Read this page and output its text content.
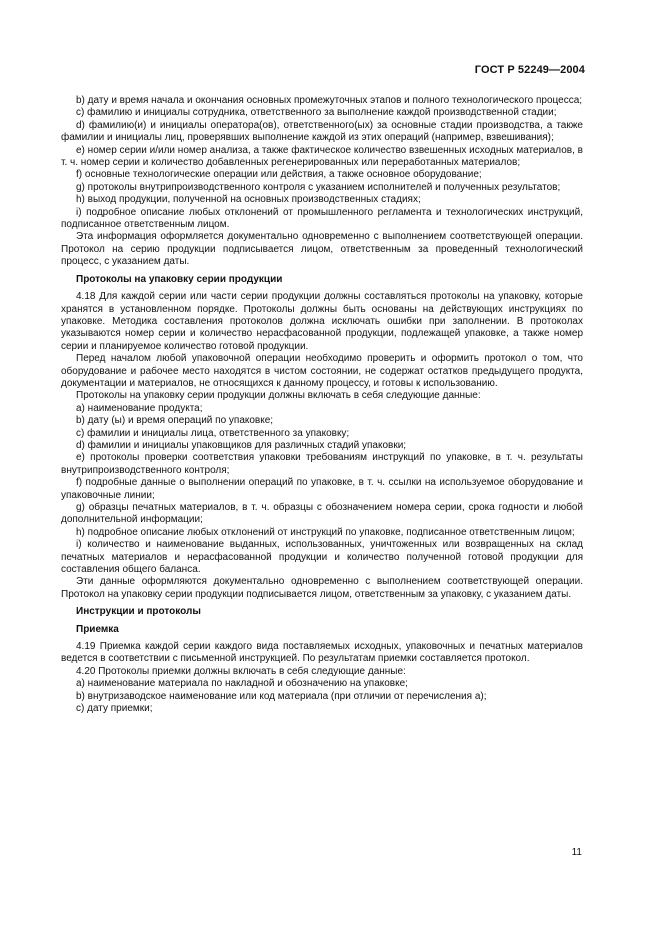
ГОСТ Р 52249—2004
b) дату и время начала и окончания основных промежуточных этапов и полного технологического процесса;
c) фамилию и инициалы сотрудника, ответственного за выполнение каждой производственной стадии;
d) фамилию(и) и инициалы оператора(ов), ответственного(ых) за основные стадии производства, а также фамилии и инициалы лиц, проверявших выполнение каждой из этих операций (например, взвешивания);
e) номер серии и/или номер анализа, а также фактическое количество взвешенных исходных материалов, в т. ч. номер серии и количество добавленных регенерированных или переработанных материалов;
f) основные технологические операции или действия, а также основное оборудование;
g) протоколы внутрипроизводственного контроля с указанием исполнителей и полученных результатов;
h) выход продукции, полученной на основных производственных стадиях;
i) подробное описание любых отклонений от промышленного регламента и технологических инструкций, подписанное ответственным лицом.
Эта информация оформляется документально одновременно с выполнением соответствующей операции. Протокол на серию продукции подписывается лицом, ответственным за проведенный технологический процесс, с указанием даты.
Протоколы на упаковку серии продукции
4.18 Для каждой серии или части серии продукции должны составляться протоколы на упаковку, которые хранятся в установленном порядке. Протоколы должны быть основаны на действующих инструкциях по упаковке. Методика составления протоколов должна исключать ошибки при заполнении. В протоколах указываются номер серии и количество нерасфасованной продукции, подлежащей упаковке, а также номер серии и планируемое количество готовой продукции.
Перед началом любой упаковочной операции необходимо проверить и оформить протокол о том, что оборудование и рабочее место находятся в чистом состоянии, не содержат остатков предыдущего продукта, документации и материалов, не относящихся к данному процессу, и готовы к использованию.
Протоколы на упаковку серии продукции должны включать в себя следующие данные:
a) наименование продукта;
b) дату (ы) и время операций по упаковке;
c) фамилии и инициалы лица, ответственного за упаковку;
d) фамилии и инициалы упаковщиков для различных стадий упаковки;
e) протоколы проверки соответствия упаковки требованиям инструкций по упаковке, в т. ч. результаты внутрипроизводственного контроля;
f) подробные данные о выполнении операций по упаковке, в т. ч. ссылки на используемое оборудование и упаковочные линии;
g) образцы печатных материалов, в т. ч. образцы с обозначением номера серии, срока годности и любой дополнительной информации;
h) подробное описание любых отклонений от инструкций по упаковке, подписанное ответственным лицом;
i) количество и наименование выданных, использованных, уничтоженных или возвращенных на склад печатных материалов и нерасфасованной продукции и количество полученной готовой продукции для составления общего баланса.
Эти данные оформляются документально одновременно с выполнением соответствующей операции. Протокол на упаковку серии продукции подписывается лицом, ответственным за упаковку, с указанием даты.
Инструкции и протоколы
Приемка
4.19 Приемка каждой серии каждого вида поставляемых исходных, упаковочных и печатных материалов ведется в соответствии с письменной инструкцией. По результатам приемки составляется протокол.
4.20 Протоколы приемки должны включать в себя следующие данные:
а) наименование материала по накладной и обозначению на упаковке;
b) внутризаводское наименование или код материала (при отличии от перечисления а);
с) дату приемки;
11
